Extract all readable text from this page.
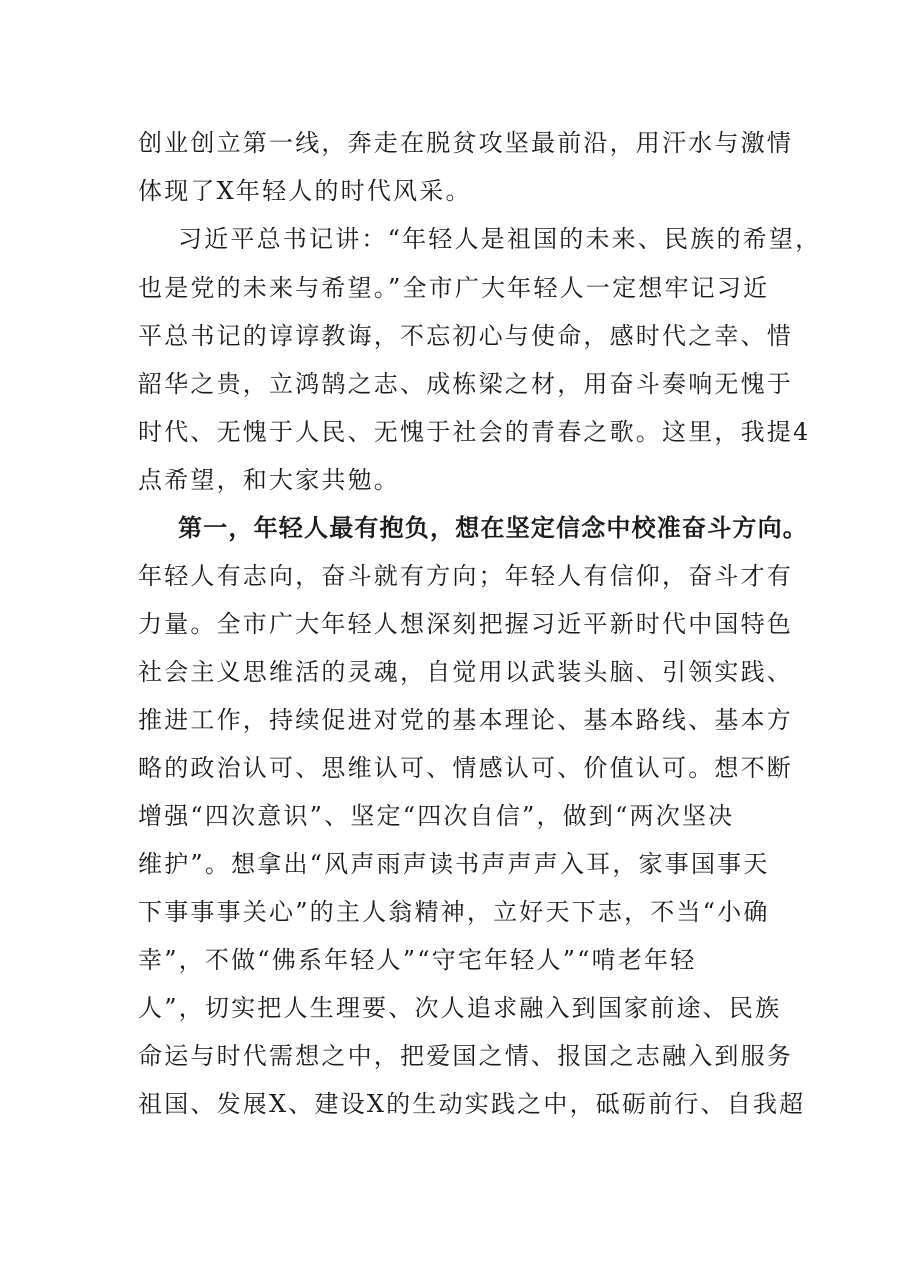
创业创立第一线，奔走在脱贫攻坚最前沿，用汗水与激情
体现了X年轻人的时代风采。
习近平总书记讲：“年轻人是祖国的未来、民族的希望，
也是党的未来与希望。”全市广大年轻人一定想牢记习近
平总书记的谆谆教诲，不忘初心与使命，感时代之幸、惜
韶华之贵，立鸿鹄之志、成栋梁之材，用奋斗奏响无愧于
时代、无愧于人民、无愧于社会的青春之歌。这里，我提4
点希望，和大家共勉。
第一，年轻人最有抱负，想在坚定信念中校准奋斗方向。
年轻人有志向，奋斗就有方向；年轻人有信仰，奋斗才有
力量。全市广大年轻人想深刻把握习近平新时代中国特色
社会主义思维活的灵魂，自觉用以武装头脑、引领实践、
推进工作，持续促进对党的基本理论、基本路线、基本方
略的政治认可、思维认可、情感认可、价值认可。想不断
增强“四次意识”、坚定“四次自信”，做到“两次坚决
维护”。想拿出“风声雨声读书声声声入耳，家事国事天
下事事事关心”的主人翁精神，立好天下志，不当“小确
幸”，不做“佛系年轻人”“守宅年轻人”“啃老年轻
人”，切实把人生理要、次人追求融入到国家前途、民族
命运与时代需想之中，把爱国之情、报国之志融入到服务
祖国、发展X、建设X的生动实践之中，砥砺前行、自我超
